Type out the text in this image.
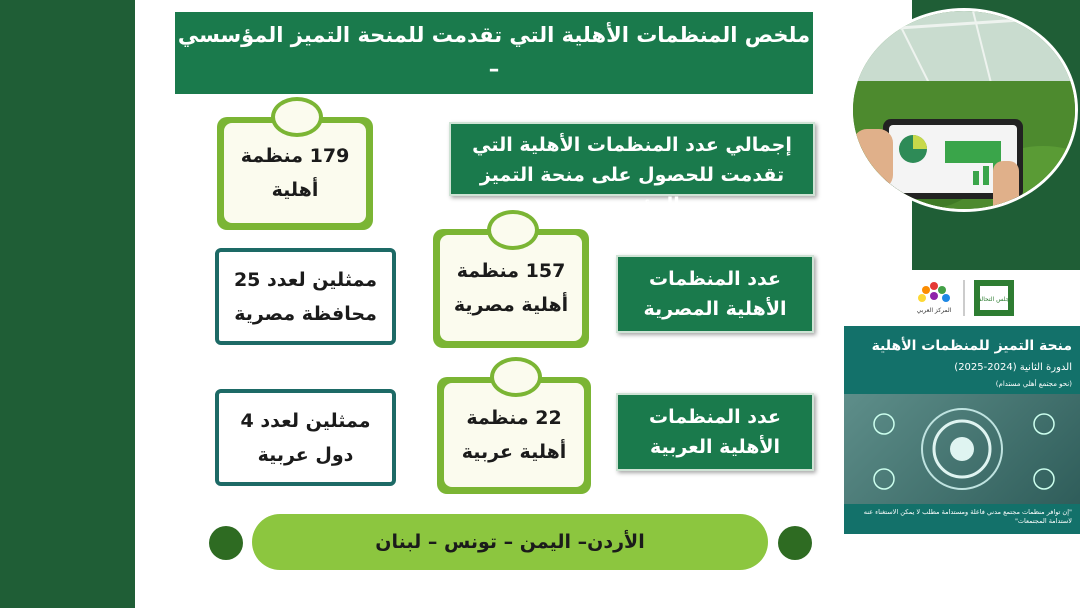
ملخص المنظمات الأهلية التي تقدمت للمنحة التميز المؤسسي –
الدورة الثانية 2024-2025
إجمالي عدد المنظمات الأهلية التي تقدمت للحصول على منحة التميز المؤسسي
179 منظمة
أهلية
عدد المنظمات
الأهلية المصرية
157 منظمة
أهلية مصرية
ممثلين لعدد 25
محافظة مصرية
عدد المنظمات
الأهلية العربية
22 منظمة
أهلية عربية
ممثلين لعدد 4
دول عربية
الأردن– اليمن – تونس – لبنان
المركز العربي
مجلس التحالف
منحة التميز للمنظمات الأهلية
الدورة الثانية (2024-2025)
(نحو مجتمع أهلي مستدام)
"إن توافر منظمات مجتمع مدني فاعلة ومستدامة مطلب لا يمكن الاستغناء عنه لاستدامة المجتمعات"
